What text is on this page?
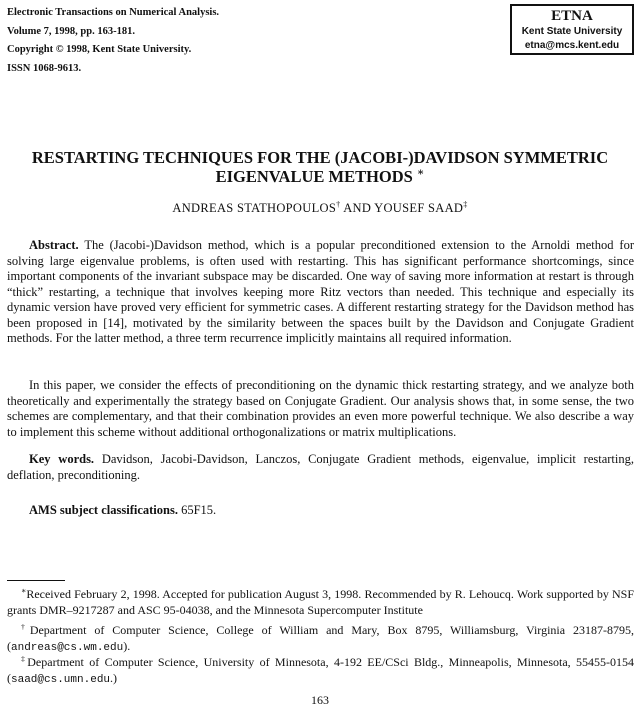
Electronic Transactions on Numerical Analysis.
Volume 7, 1998, pp. 163-181.
Copyright © 1998, Kent State University.
ISSN 1068-9613.
ETNA
Kent State University
etna@mcs.kent.edu
RESTARTING TECHNIQUES FOR THE (JACOBI-)DAVIDSON SYMMETRIC
EIGENVALUE METHODS ∗
ANDREAS STATHOPOULOS† AND YOUSEF SAAD‡
Abstract. The (Jacobi-)Davidson method, which is a popular preconditioned extension to the Arnoldi method for solving large eigenvalue problems, is often used with restarting. This has significant performance shortcomings, since important components of the invariant subspace may be discarded. One way of saving more information at restart is through “thick” restarting, a technique that involves keeping more Ritz vectors than needed. This technique and especially its dynamic version have proved very efficient for symmetric cases. A different restarting strategy for the Davidson method has been proposed in [14], motivated by the similarity between the spaces built by the Davidson and Conjugate Gradient methods. For the latter method, a three term recurrence implicitly maintains all required information.
In this paper, we consider the effects of preconditioning on the dynamic thick restarting strategy, and we analyze both theoretically and experimentally the strategy based on Conjugate Gradient. Our analysis shows that, in some sense, the two schemes are complementary, and that their combination provides an even more powerful technique. We also describe a way to implement this scheme without additional orthogonalizations or matrix multiplications.
Key words. Davidson, Jacobi-Davidson, Lanczos, Conjugate Gradient methods, eigenvalue, implicit restarting, deflation, preconditioning.
AMS subject classifications. 65F15.
∗Received February 2, 1998. Accepted for publication August 3, 1998. Recommended by R. Lehoucq. Work supported by NSF grants DMR–9217287 and ASC 95-04038, and the Minnesota Supercomputer Institute
†Department of Computer Science, College of William and Mary, Box 8795, Williamsburg, Virginia 23187-8795, (andreas@cs.wm.edu).
‡Department of Computer Science, University of Minnesota, 4-192 EE/CSci Bldg., Minneapolis, Minnesota, 55455-0154 (saad@cs.umn.edu.)
163
